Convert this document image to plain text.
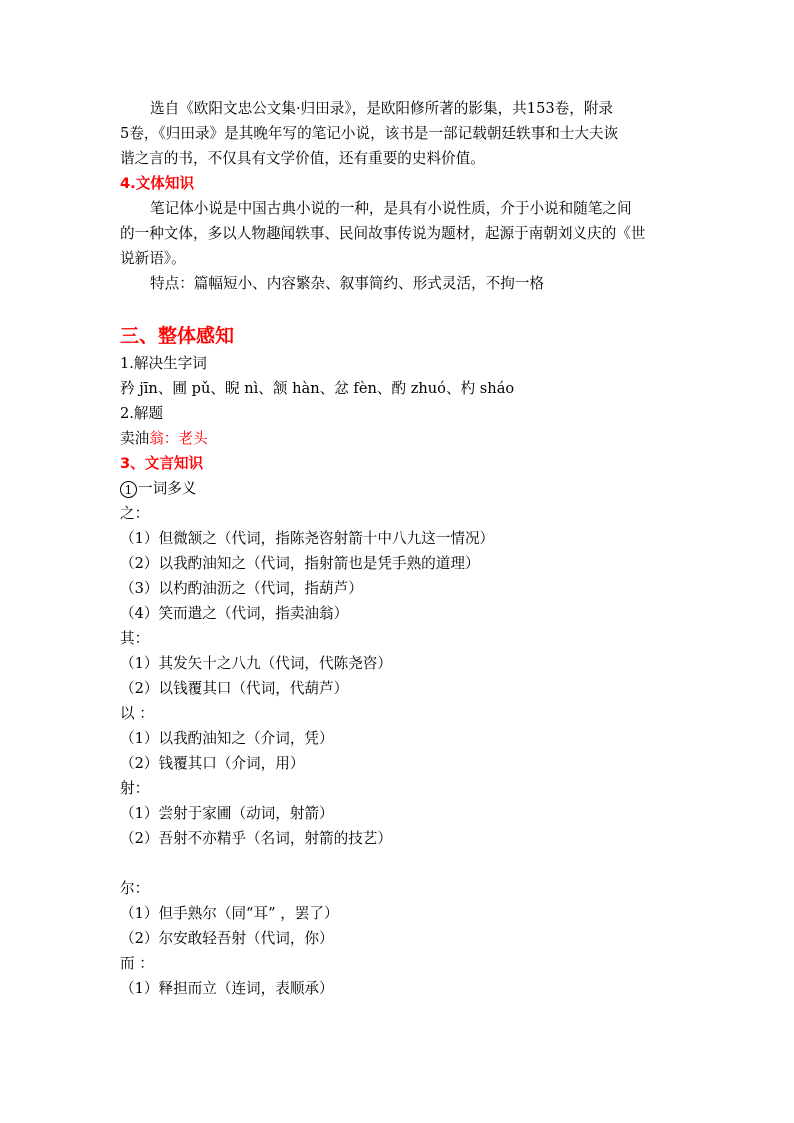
选自《欧阳文忠公文集·归田录》，是欧阳修所著的影集，共153卷，附录
5卷，《归田录》是其晚年写的笔记小说，该书是一部记载朝廷轶事和士大夫诙
谐之言的书，不仅具有文学价值，还有重要的史料价值。
4.文体知识
笔记体小说是中国古典小说的一种，是具有小说性质，介于小说和随笔之间
的一种文体，多以人物趣闻轶事、民间故事传说为题材，起源于南朝刘义庆的《世
说新语》。
特点：篇幅短小、内容繁杂、叙事简约、形式灵活，不拘一格
三、整体感知
1.解决生字词
矜 jīn、圃 pǔ、睨 nì、颔 hàn、忿 fèn、酌 zhuó、杓 sháo
2.解题
卖油翁：老头
3、文言知识
1 一词多义
之：
（1）但微颔之（代词，指陈尧咨射箭十中八九这一情况）
（2）以我酌油知之（代词，指射箭也是凭手熟的道理）
（3）以杓酌油沥之（代词，指葫芦）
（4）笑而遣之（代词，指卖油翁）
其：
（1）其发矢十之八九（代词，代陈尧咨）
（2）以钱覆其口（代词，代葫芦）
以 ：
（1）以我酌油知之（介词，凭）
（2）钱覆其口（介词，用）
射：
（1）尝射于家圃（动词，射箭）
（2）吾射不亦精乎（名词，射箭的技艺）
尔：
（1）但手熟尔（同“耳” ，罢了）
（2）尔安敢轻吾射（代词，你）
而 ：
（1）释担而立（连词，表顺承）
